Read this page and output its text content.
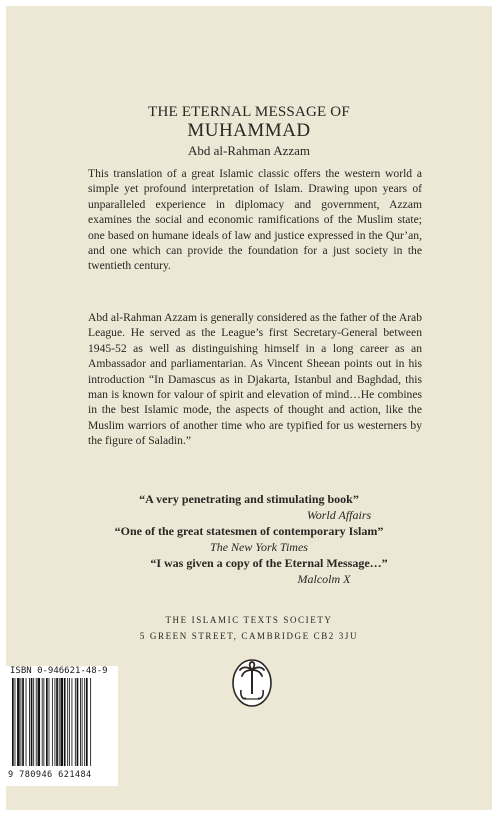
THE ETERNAL MESSAGE OF
MUHAMMAD
Abd al-Rahman Azzam

This translation of a great Islamic classic offers the western world a simple yet profound interpretation of Islam. Drawing upon years of unparalleled experience in diplomacy and government, Azzam examines the social and economic ramifications of the Muslim state; one based on humane ideals of law and justice expressed in the Qur’an, and one which can provide the foundation for a just society in the twentieth century.

Abd al-Rahman Azzam is generally considered as the father of the Arab League. He served as the League’s first Secretary-General between 1945-52 as well as distinguishing himself in a long career as an Ambassador and parliamentarian. As Vincent Sheean points out in his introduction “In Damascus as in Djakarta, Istanbul and Baghdad, this man is known for valour of spirit and elevation of mind…He combines in the best Islamic mode, the aspects of thought and action, like the Muslim warriors of another time who are typified for us westerners by the figure of Saladin.”

“A very penetrating and stimulating book”
World Affairs
“One of the great statesmen of contemporary Islam”
The New York Times
“I was given a copy of the Eternal Message…”
Malcolm X
THE ISLAMIC TEXTS SOCIETY
5 GREEN STREET, CAMBRIDGE CB2 3JU
ISBN 0-946621-48-9
9 780946 621484
